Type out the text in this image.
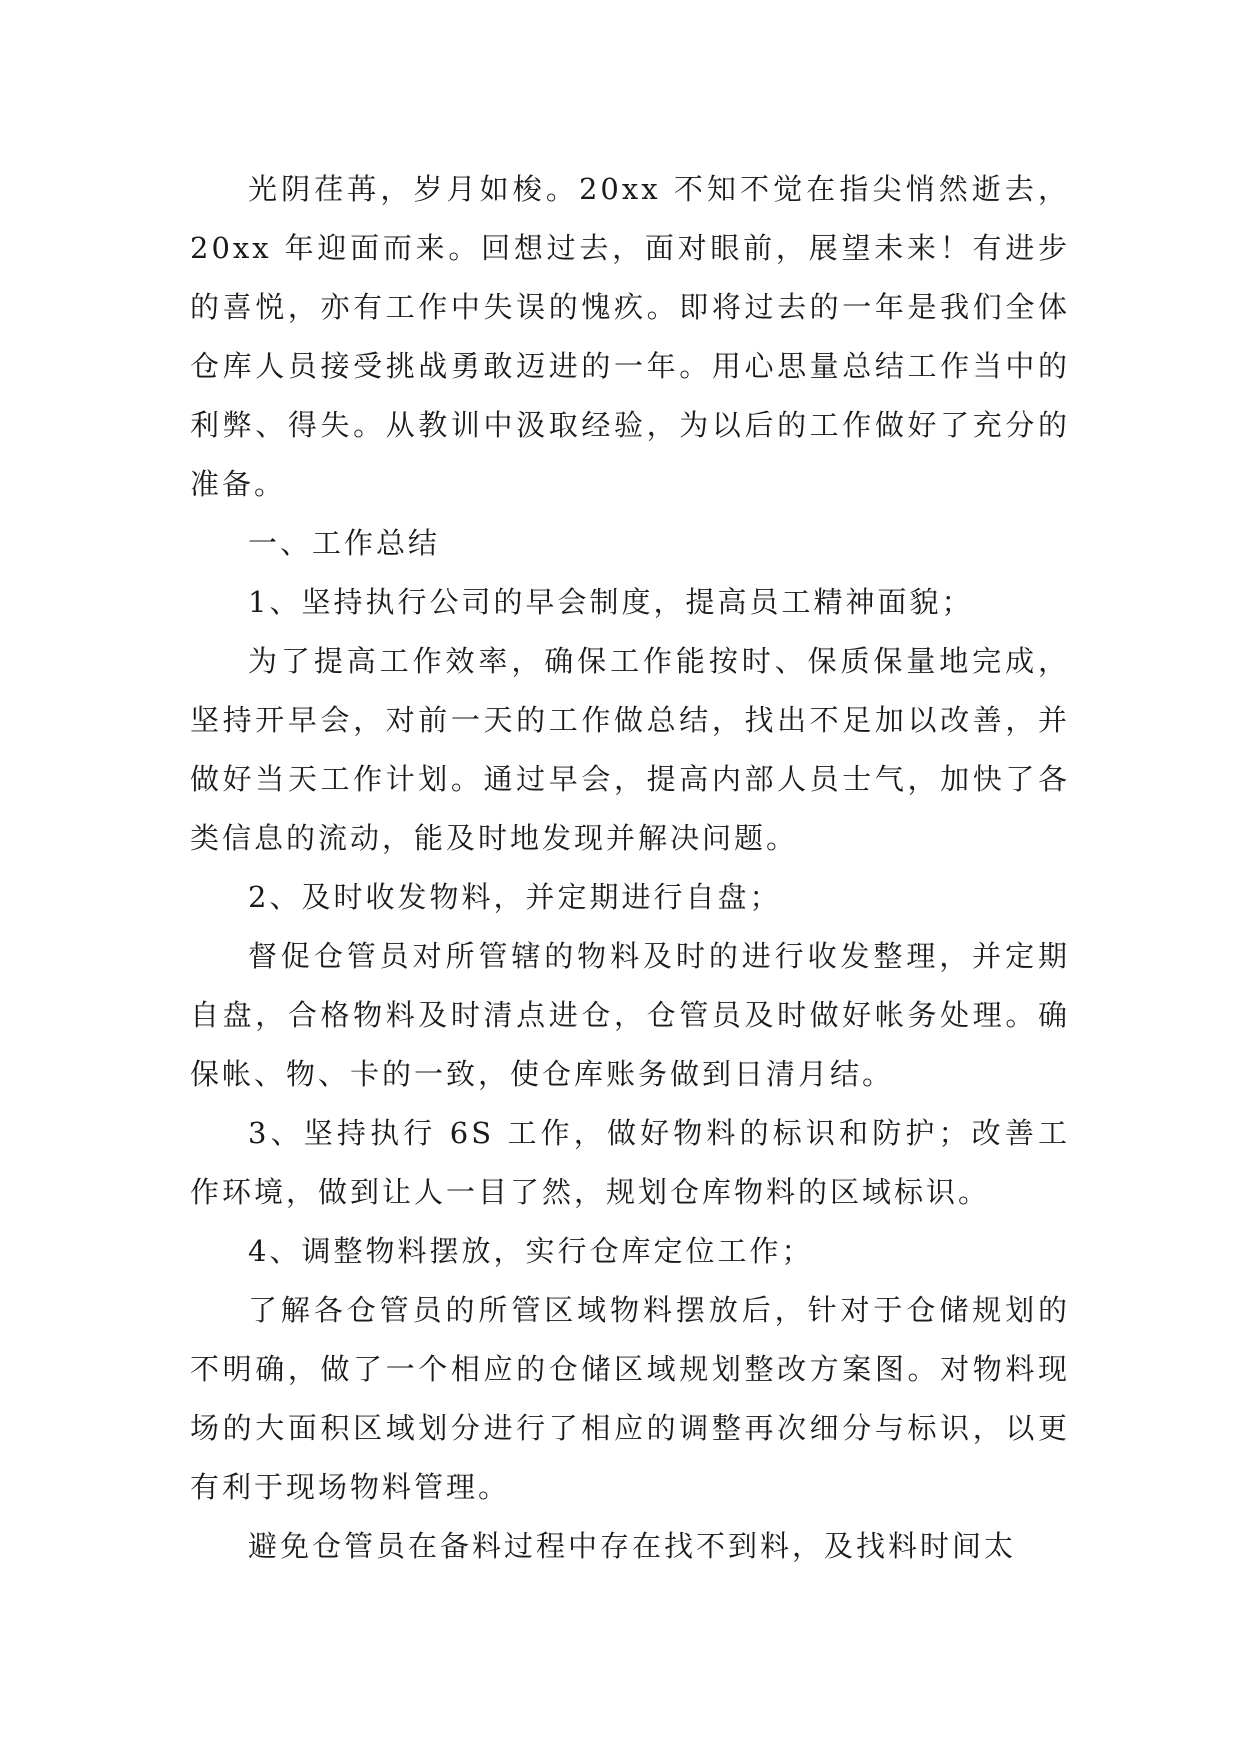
光阴荏苒，岁月如梭。20xx 不知不觉在指尖悄然逝去，20xx 年迎面而来。回想过去，面对眼前，展望未来！有进步的喜悦，亦有工作中失误的愧疚。即将过去的一年是我们全体仓库人员接受挑战勇敢迈进的一年。用心思量总结工作当中的利弊、得失。从教训中汲取经验，为以后的工作做好了充分的准备。

一、工作总结

1、坚持执行公司的早会制度，提高员工精神面貌；

为了提高工作效率，确保工作能按时、保质保量地完成，坚持开早会，对前一天的工作做总结，找出不足加以改善，并做好当天工作计划。通过早会，提高内部人员士气，加快了各类信息的流动，能及时地发现并解决问题。

2、及时收发物料，并定期进行自盘；

督促仓管员对所管辖的物料及时的进行收发整理，并定期自盘，合格物料及时清点进仓，仓管员及时做好帐务处理。确保帐、物、卡的一致，使仓库账务做到日清月结。

3、坚持执行 6S 工作，做好物料的标识和防护；改善工作环境，做到让人一目了然，规划仓库物料的区域标识。

4、调整物料摆放，实行仓库定位工作；

了解各仓管员的所管区域物料摆放后，针对于仓储规划的不明确，做了一个相应的仓储区域规划整改方案图。对物料现场的大面积区域划分进行了相应的调整再次细分与标识，以更有利于现场物料管理。

避免仓管员在备料过程中存在找不到料，及找料时间太
